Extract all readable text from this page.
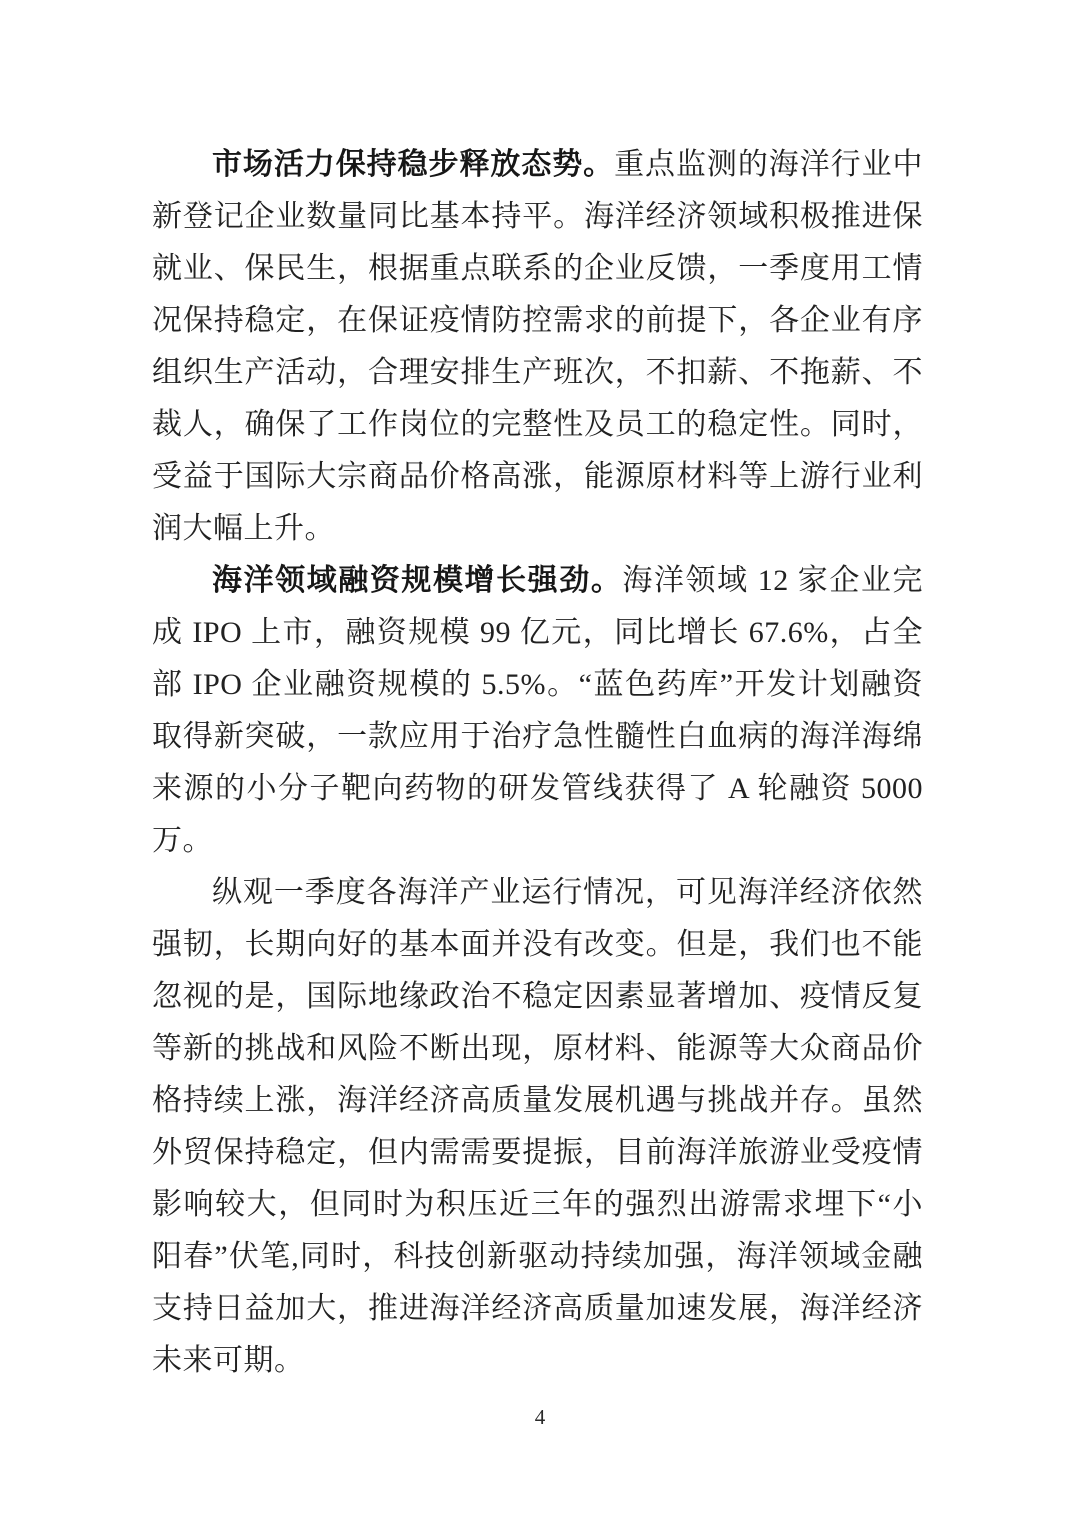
市场活力保持稳步释放态势。重点监测的海洋行业中新登记企业数量同比基本持平。海洋经济领域积极推进保就业、保民生，根据重点联系的企业反馈，一季度用工情况保持稳定，在保证疫情防控需求的前提下，各企业有序组织生产活动，合理安排生产班次，不扣薪、不拖薪、不裁人，确保了工作岗位的完整性及员工的稳定性。同时，受益于国际大宗商品价格高涨，能源原材料等上游行业利润大幅上升。

海洋领域融资规模增长强劲。海洋领域 12 家企业完成 IPO 上市，融资规模 99 亿元，同比增长 67.6%，占全部 IPO 企业融资规模的 5.5%。“蓝色药库”开发计划融资取得新突破，一款应用于治疗急性髓性白血病的海洋海绵来源的小分子靶向药物的研发管线获得了 A 轮融资 5000 万。

纵观一季度各海洋产业运行情况，可见海洋经济依然强韧，长期向好的基本面并没有改变。但是，我们也不能忽视的是，国际地缘政治不稳定因素显著增加、疫情反复等新的挑战和风险不断出现，原材料、能源等大众商品价格持续上涨，海洋经济高质量发展机遇与挑战并存。虽然外贸保持稳定，但内需需要提振，目前海洋旅游业受疫情影响较大，但同时为积压近三年的强烈出游需求埋下“小阳春”伏笔,同时，科技创新驱动持续加强，海洋领域金融支持日益加大，推进海洋经济高质量加速发展，海洋经济未来可期。

4
